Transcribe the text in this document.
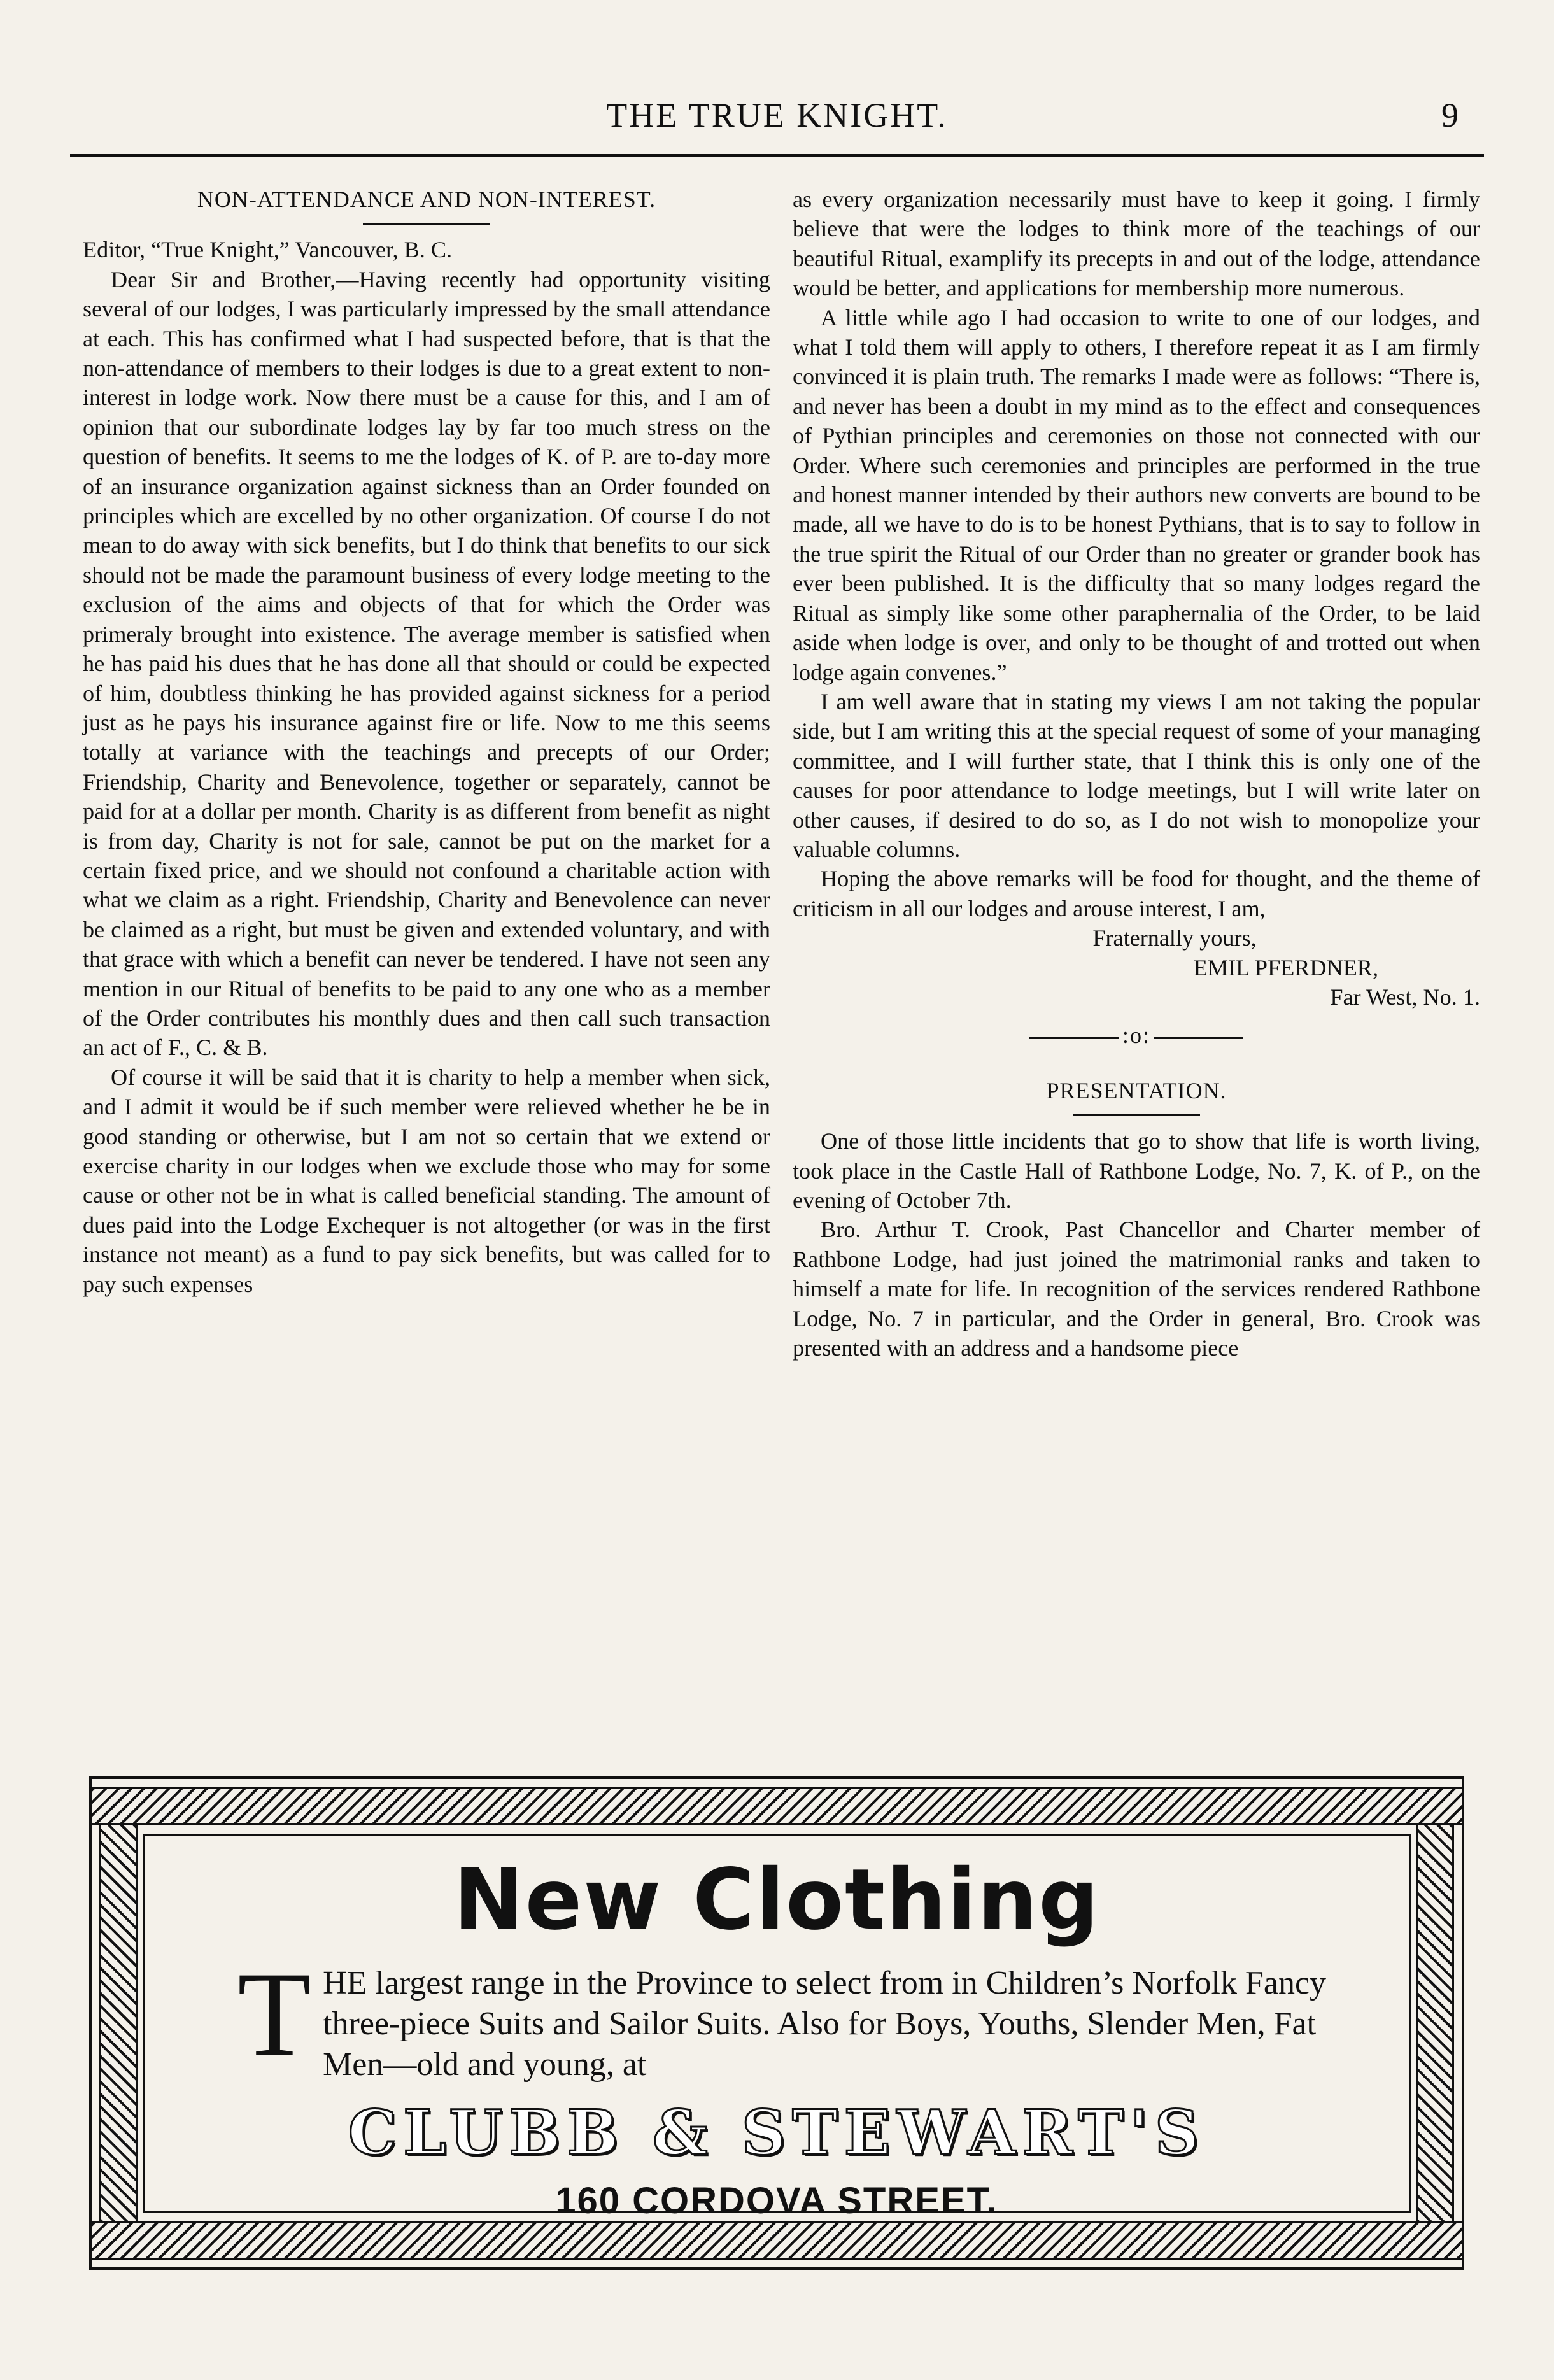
THE TRUE KNIGHT.	9
NON-ATTENDANCE AND NON-INTEREST.

Editor, “True Knight,” Vancouver, B. C.

Dear Sir and Brother,—Having recently had opportunity visiting several of our lodges, I was particularly impressed by the small attendance at each. This has confirmed what I had suspected before, that is that the non-attendance of members to their lodges is due to a great extent to non-interest in lodge work. Now there must be a cause for this, and I am of opinion that our subordinate lodges lay by far too much stress on the question of benefits. It seems to me the lodges of K. of P. are to-day more of an insurance organization against sickness than an Order founded on principles which are excelled by no other organization. Of course I do not mean to do away with sick benefits, but I do think that benefits to our sick should not be made the paramount business of every lodge meeting to the exclusion of the aims and objects of that for which the Order was primeraly brought into existence. The average member is satisfied when he has paid his dues that he has done all that should or could be expected of him, doubtless thinking he has provided against sickness for a period just as he pays his insurance against fire or life. Now to me this seems totally at variance with the teachings and precepts of our Order; Friendship, Charity and Benevolence, together or separately, cannot be paid for at a dollar per month. Charity is as different from benefit as night is from day, Charity is not for sale, cannot be put on the market for a certain fixed price, and we should not confound a charitable action with what we claim as a right. Friendship, Charity and Benevolence can never be claimed as a right, but must be given and extended voluntary, and with that grace with which a benefit can never be tendered. I have not seen any mention in our Ritual of benefits to be paid to any one who as a member of the Order contributes his monthly dues and then call such transaction an act of F., C. & B.

Of course it will be said that it is charity to help a member when sick, and I admit it would be if such member were relieved whether he be in good standing or otherwise, but I am not so certain that we extend or exercise charity in our lodges when we exclude those who may for some cause or other not be in what is called beneficial standing. The amount of dues paid into the Lodge Exchequer is not altogether (or was in the first instance not meant) as a fund to pay sick benefits, but was called for to pay such expenses

as every organization necessarily must have to keep it going. I firmly believe that were the lodges to think more of the teachings of our beautiful Ritual, examplify its precepts in and out of the lodge, attendance would be better, and applications for membership more numerous.

A little while ago I had occasion to write to one of our lodges, and what I told them will apply to others, I therefore repeat it as I am firmly convinced it is plain truth. The remarks I made were as follows: “There is, and never has been a doubt in my mind as to the effect and consequences of Pythian principles and ceremonies on those not connected with our Order. Where such ceremonies and principles are performed in the true and honest manner intended by their authors new converts are bound to be made, all we have to do is to be honest Pythians, that is to say to follow in the true spirit the Ritual of our Order than no greater or grander book has ever been published. It is the difficulty that so many lodges regard the Ritual as simply like some other paraphernalia of the Order, to be laid aside when lodge is over, and only to be thought of and trotted out when lodge again convenes.”

I am well aware that in stating my views I am not taking the popular side, but I am writing this at the special request of some of your managing committee, and I will further state, that I think this is only one of the causes for poor attendance to lodge meetings, but I will write later on other causes, if desired to do so, as I do not wish to monopolize your valuable columns.

Hoping the above remarks will be food for thought, and the theme of criticism in all our lodges and arouse interest, I am,

Fraternally yours,

EMIL PFERDNER,

Far West, No. 1.

:o:
PRESENTATION.

One of those little incidents that go to show that life is worth living, took place in the Castle Hall of Rathbone Lodge, No. 7, K. of P., on the evening of October 7th.

Bro. Arthur T. Crook, Past Chancellor and Charter member of Rathbone Lodge, had just joined the matrimonial ranks and taken to himself a mate for life. In recognition of the services rendered Rathbone Lodge, No. 7 in particular, and the Order in general, Bro. Crook was presented with an address and a handsome piece

New Clothing
T HE largest range in the Province to select from in Children’s Norfolk Fancy three-piece Suits and Sailor Suits. Also for Boys, Youths, Slender Men, Fat Men—old and young, at
CLUBB & STEWART'S
160 CORDOVA STREET.
